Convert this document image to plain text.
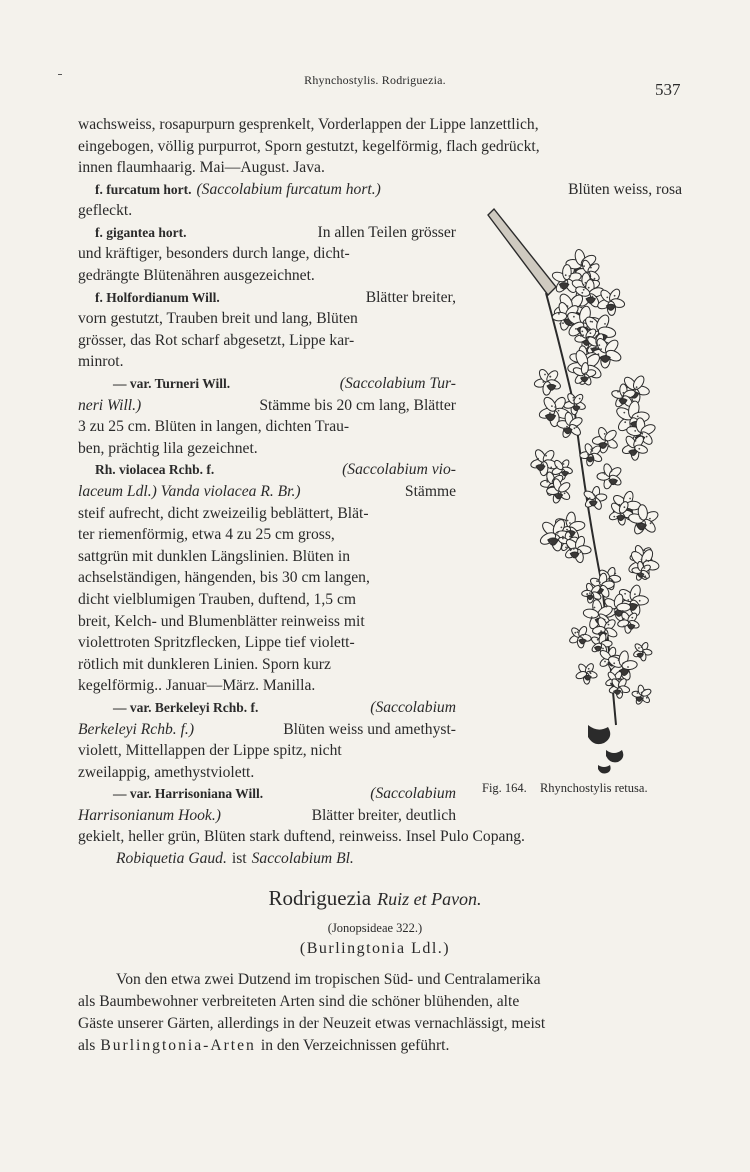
Rhynchostylis. Rodriguezia.	537
wachsweiss, rosapurpurn gesprenkelt, Vorderlappen der Lippe lanzettlich,
eingebogen, völlig purpurrot, Sporn gestutzt, kegelförmig, flach gedrückt,
innen flaumhaarig. Mai—August. Java.
f. furcatum hort. (Saccolabium furcatum hort.)	Blüten weiss, rosa
gefleckt.
f. gigantea hort.	In allen Teilen grösser
und kräftiger, besonders durch lange, dicht-
gedrängte Blütenähren ausgezeichnet.
f. Holfordianum Will.	Blätter breiter,
vorn gestutzt, Trauben breit und lang, Blüten
grösser, das Rot scharf abgesetzt, Lippe kar-
minrot.
— var. Turneri Will.	(Saccolabium Tur-
neri Will.)	Stämme bis 20 cm lang, Blätter
3 zu 25 cm. Blüten in langen, dichten Trau-
ben, prächtig lila gezeichnet.
Rh. violacea Rchb. f.	(Saccolabium vio-
laceum Ldl.) Vanda violacea R. Br.)	Stämme
steif aufrecht, dicht zweizeilig beblättert, Blät-
ter riemenförmig, etwa 4 zu 25 cm gross,
sattgrün mit dunklen Längslinien. Blüten in
achselständigen, hängenden, bis 30 cm langen,
dicht vielblumigen Trauben, duftend, 1,5 cm
breit, Kelch- und Blumenblätter reinweiss mit
violettroten Spritzflecken, Lippe tief violett-
rötlich mit dunkleren Linien. Sporn kurz
kegelförmig.. Januar—März. Manilla.
— var. Berkeleyi Rchb. f.	(Saccolabium
Berkeleyi Rchb. f.)	Blüten weiss und amethyst-
violett, Mittellappen der Lippe spitz, nicht
zweilappig, amethystviolett.
— var. Harrisoniana Will.	(Saccolabium
Harrisonianum Hook.)	Blätter breiter, deutlich
gekielt, heller grün, Blüten stark duftend, reinweiss. Insel Pulo Copang.
Robiquetia Gaud. ist Saccolabium Bl.
Fig. 164. Rhynchostylis retusa.
Rodriguezia Ruiz et Pavon.
(Jonopsideae 322.)
(Burlingtonia Ldl.)
Von den etwa zwei Dutzend im tropischen Süd- und Centralamerika
als Baumbewohner verbreiteten Arten sind die schöner blühenden, alte
Gäste unserer Gärten, allerdings in der Neuzeit etwas vernachlässigt, meist
als Burlingtonia-Arten in den Verzeichnissen geführt.
